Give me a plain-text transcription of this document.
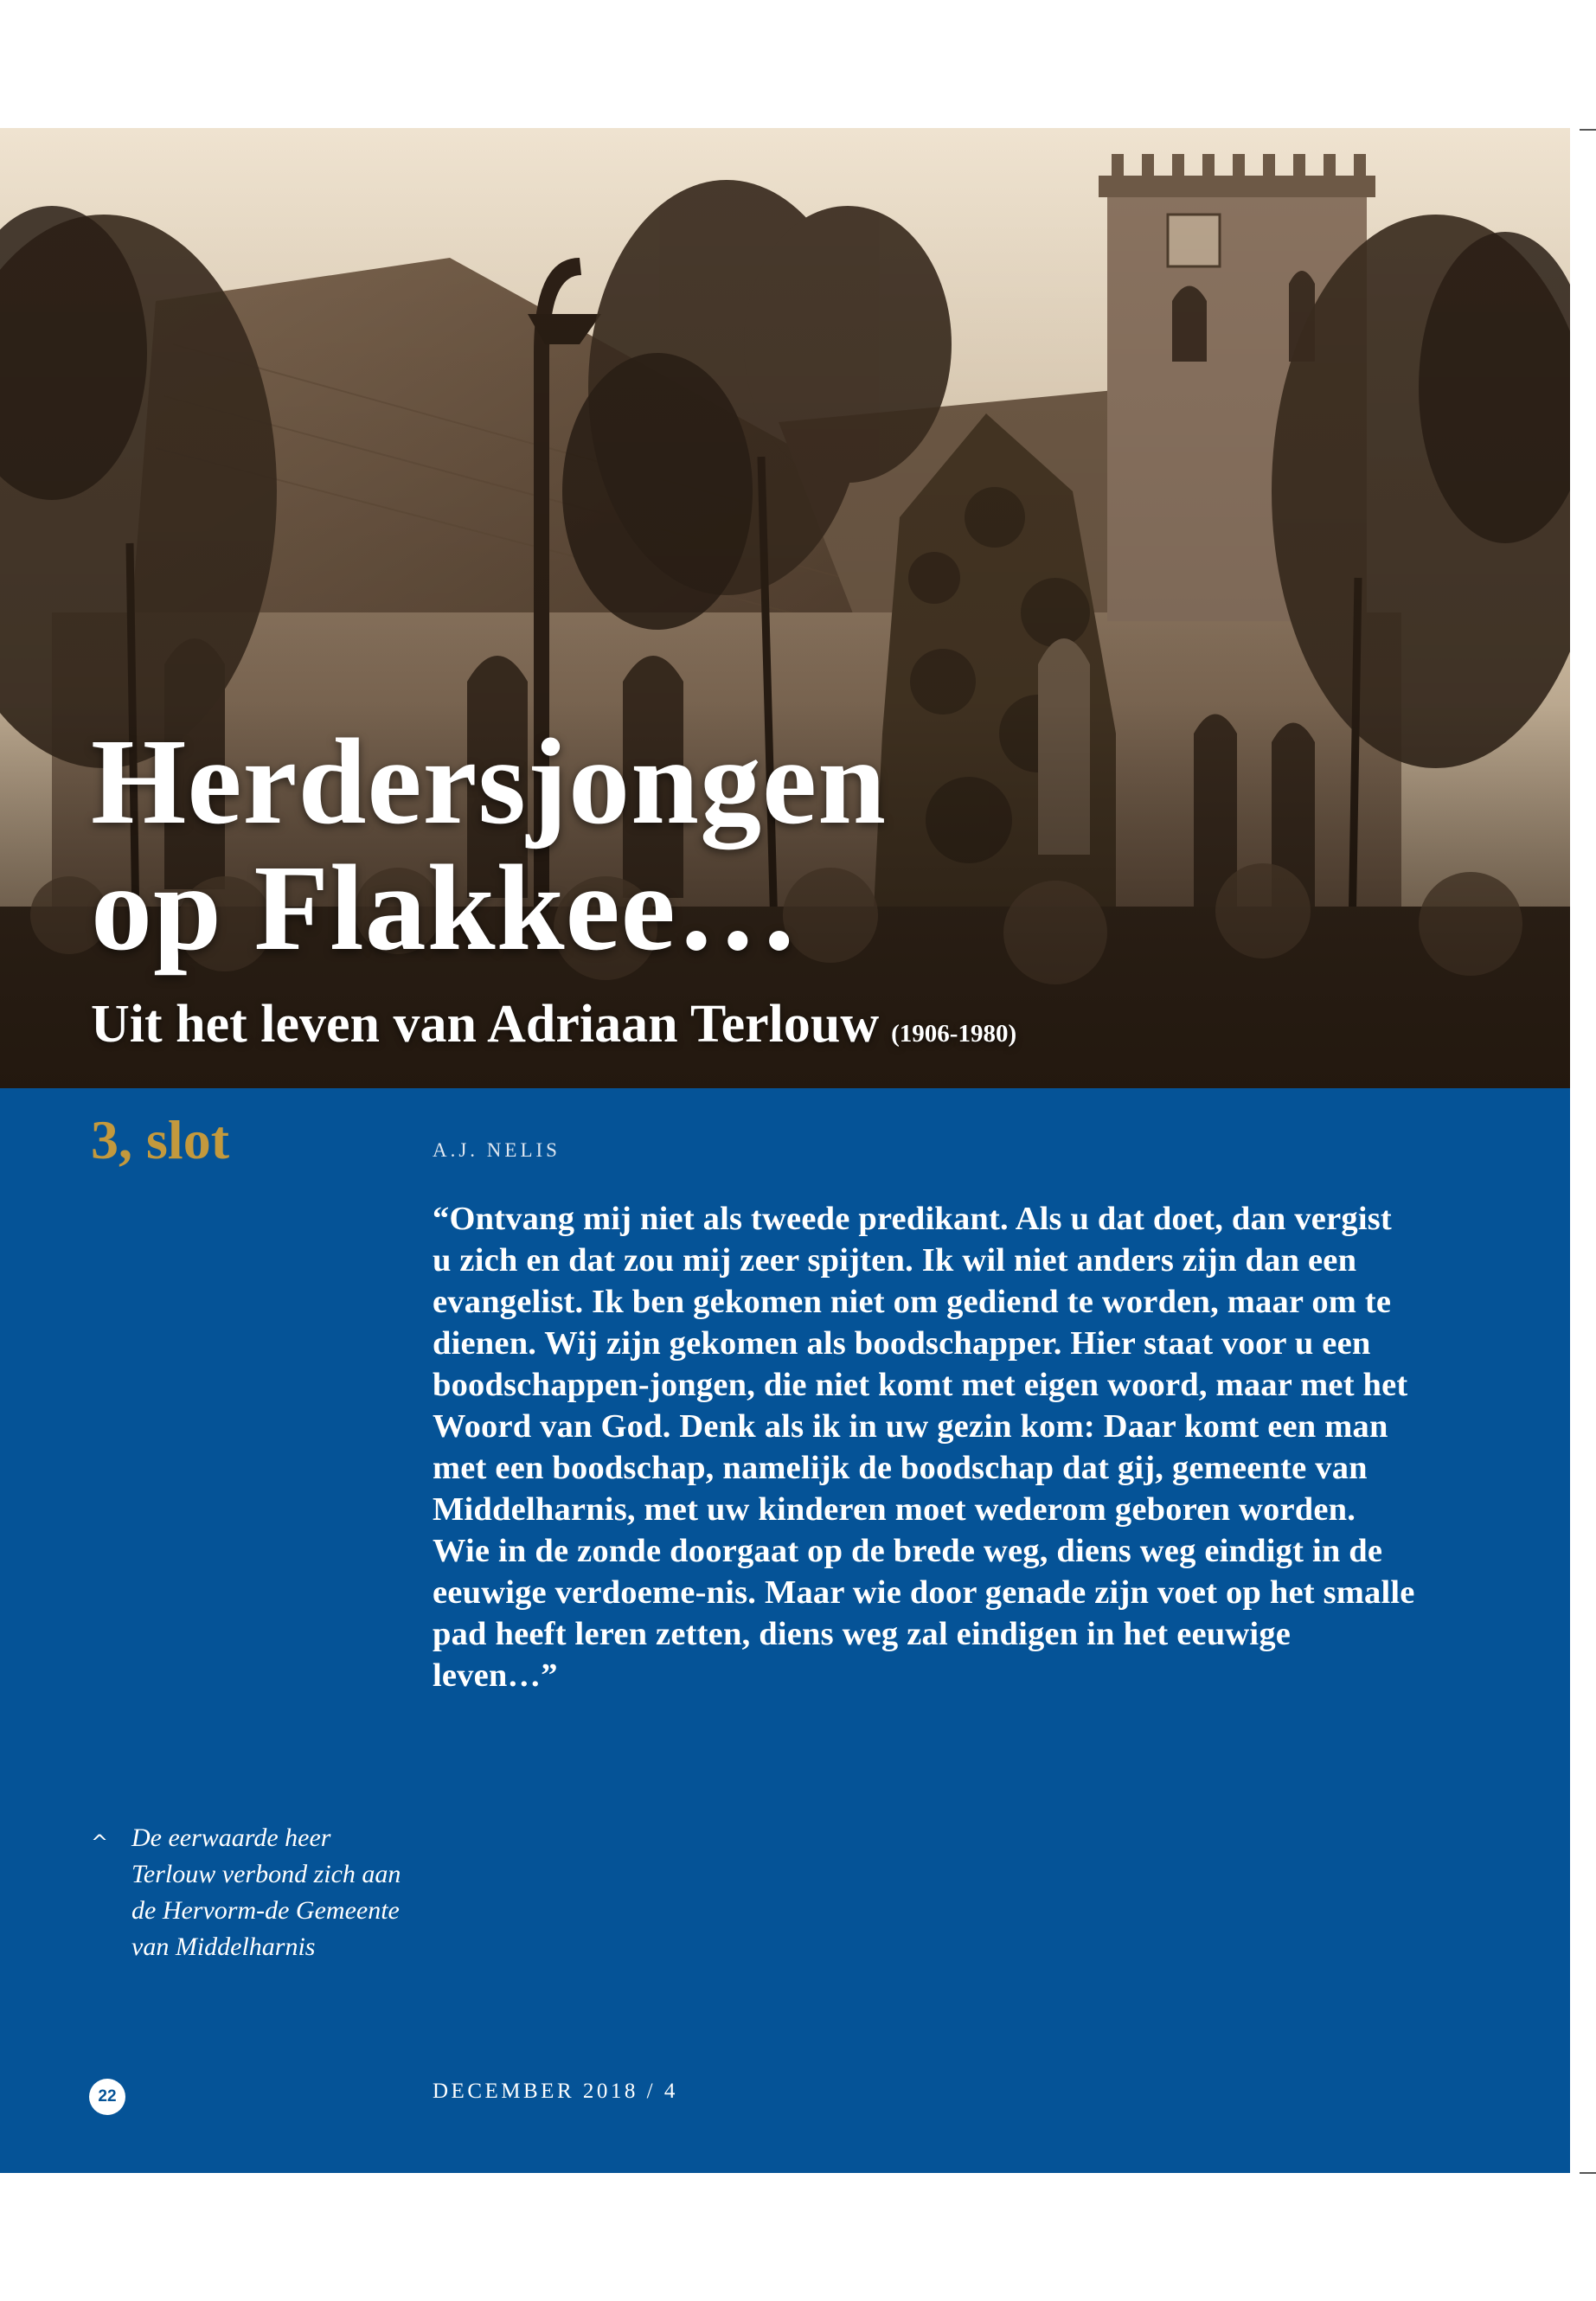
Herdersjongen
op Flakkee…
Uit het leven van Adriaan Terlouw (1906-1980)

3, slot	A.J. NELIS

“Ontvang mij niet als tweede predikant. Als u dat doet, dan vergist u zich en dat zou mij zeer spijten. Ik wil niet anders zijn dan een evangelist. Ik ben gekomen niet om gediend te worden, maar om te dienen. Wij zijn gekomen als boodschapper. Hier staat voor u een boodschappen-jongen, die niet komt met eigen woord, maar met het Woord van God. Denk als ik in uw gezin kom: Daar komt een man met een boodschap, namelijk de boodschap dat gij, gemeente van Middelharnis, met uw kinderen moet wederom geboren worden. Wie in de zonde doorgaat op de brede weg, diens weg eindigt in de eeuwige verdoeme-nis. Maar wie door genade zijn voet op het smalle pad heeft leren zetten, diens weg zal eindigen in het eeuwige leven…”

^ De eerwaarde heer Terlouw verbond zich aan de Hervorm-de Gemeente van Middelharnis

22	DECEMBER 2018 / 4
